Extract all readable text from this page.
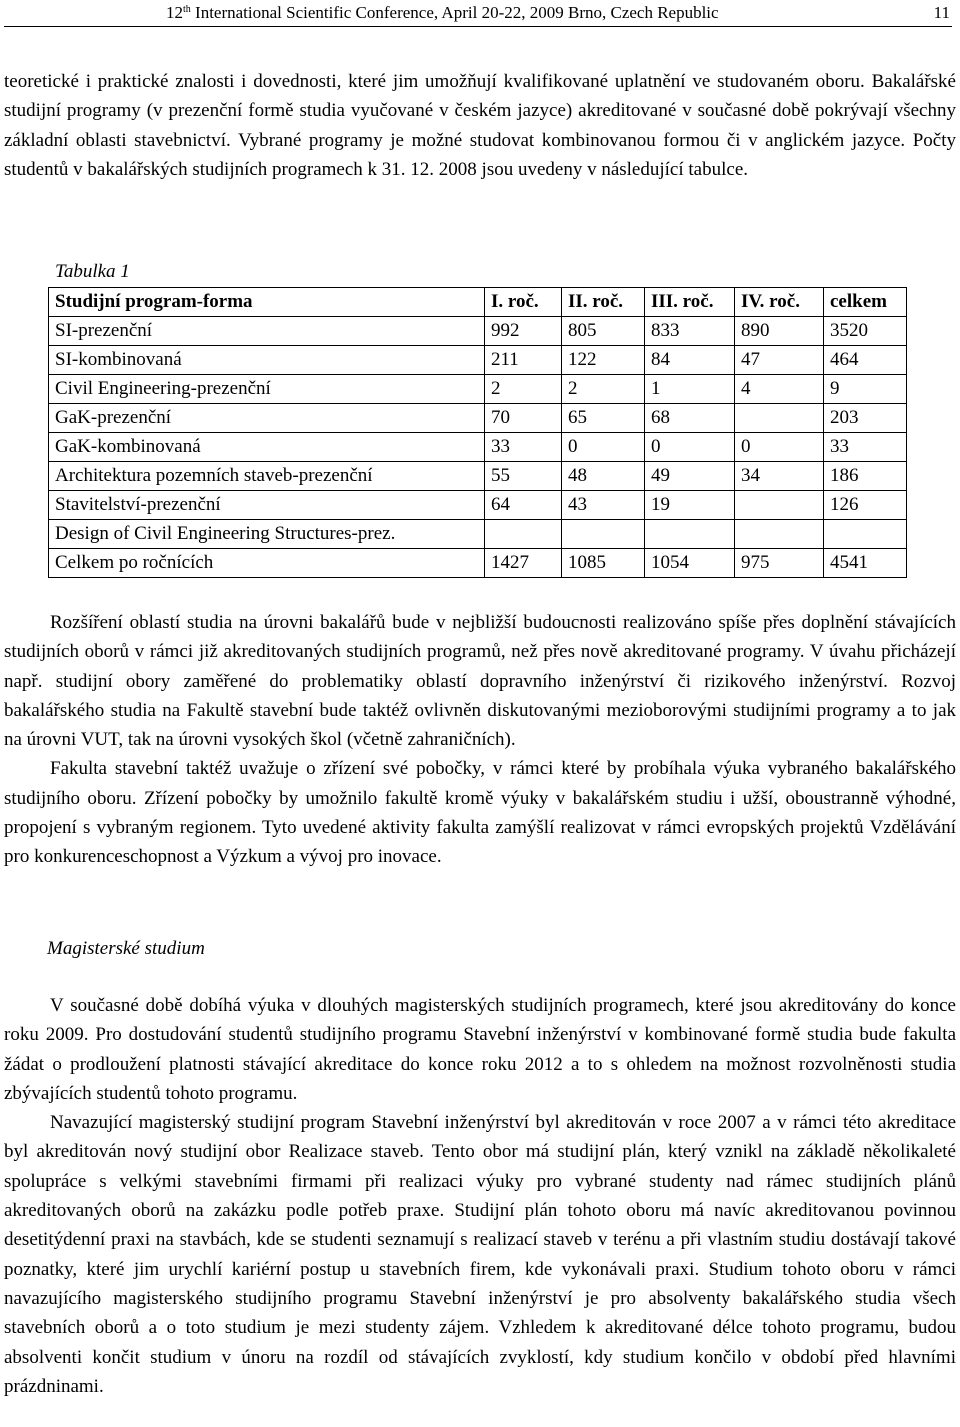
12th International Scientific Conference, April 20-22, 2009 Brno, Czech Republic	11

teoretické i praktické znalosti i dovednosti, které jim umožňují kvalifikované uplatnění ve studovaném oboru. Bakalářské studijní programy (v prezenční formě studia vyučované v českém jazyce) akreditované v současné době pokrývají všechny základní oblasti stavebnictví. Vybrané programy je možné studovat kombinovanou formou či v anglickém jazyce. Počty studentů v bakalářských studijních programech k 31. 12. 2008 jsou uvedeny v následující tabulce.

Tabulka 1
Studijní program-forma	I. roč.	II. roč.	III. roč.	IV. roč.	celkem
SI-prezenční	992	805	833	890	3520
SI-kombinovaná	211	122	84	47	464
Civil Engineering-prezenční	2	2	1	4	9
GaK-prezenční	70	65	68		203
GaK-kombinovaná	33	0	0	0	33
Architektura pozemních staveb-prezenční	55	48	49	34	186
Stavitelství-prezenční	64	43	19		126
Design of Civil Engineering Structures-prez.					
Celkem po ročnících	1427	1085	1054	975	4541

Rozšíření oblastí studia na úrovni bakalářů bude v nejbližší budoucnosti realizováno spíše přes doplnění stávajících studijních oborů v rámci již akreditovaných studijních programů, než přes nově akreditované programy. V úvahu přicházejí např. studijní obory zaměřené do problematiky oblastí dopravního inženýrství či rizikového inženýrství. Rozvoj bakalářského studia na Fakultě stavební bude taktéž ovlivněn diskutovanými mezioborovými studijními programy a to jak na úrovni VUT, tak na úrovni vysokých škol (včetně zahraničních).

Fakulta stavební taktéž uvažuje o zřízení své pobočky, v rámci které by probíhala výuka vybraného bakalářského studijního oboru. Zřízení pobočky by umožnilo fakultě kromě výuky v bakalářském studiu i užší, oboustranně výhodné, propojení s vybraným regionem. Tyto uvedené aktivity fakulta zamýšlí realizovat v rámci evropských projektů Vzdělávání pro konkurenceschopnost a Výzkum a vývoj pro inovace.

Magisterské studium

V současné době dobíhá výuka v dlouhých magisterských studijních programech, které jsou akreditovány do konce roku 2009. Pro dostudování studentů studijního programu Stavební inženýrství v kombinované formě studia bude fakulta žádat o prodloužení platnosti stávající akreditace do konce roku 2012 a to s ohledem na možnost rozvolněnosti studia zbývajících studentů tohoto programu.

Navazující magisterský studijní program Stavební inženýrství byl akreditován v roce 2007 a v rámci této akreditace byl akreditován nový studijní obor Realizace staveb. Tento obor má studijní plán, který vznikl na základě několikaleté spolupráce s velkými stavebními firmami při realizaci výuky pro vybrané studenty nad rámec studijních plánů akreditovaných oborů na zakázku podle potřeb praxe. Studijní plán tohoto oboru má navíc akreditovanou povinnou desetitýdenní praxi na stavbách, kde se studenti seznamují s realizací staveb v terénu a při vlastním studiu dostávají takové poznatky, které jim urychlí kariérní postup u stavebních firem, kde vykonávali praxi. Studium tohoto oboru v rámci navazujícího magisterského studijního programu Stavební inženýrství je pro absolventy bakalářského studia všech stavebních oborů a o toto studium je mezi studenty zájem. Vzhledem k akreditované délce tohoto programu, budou absolventi končit studium v únoru na rozdíl od stávajících zvyklostí, kdy studium končilo v období před hlavními prázdninami.
